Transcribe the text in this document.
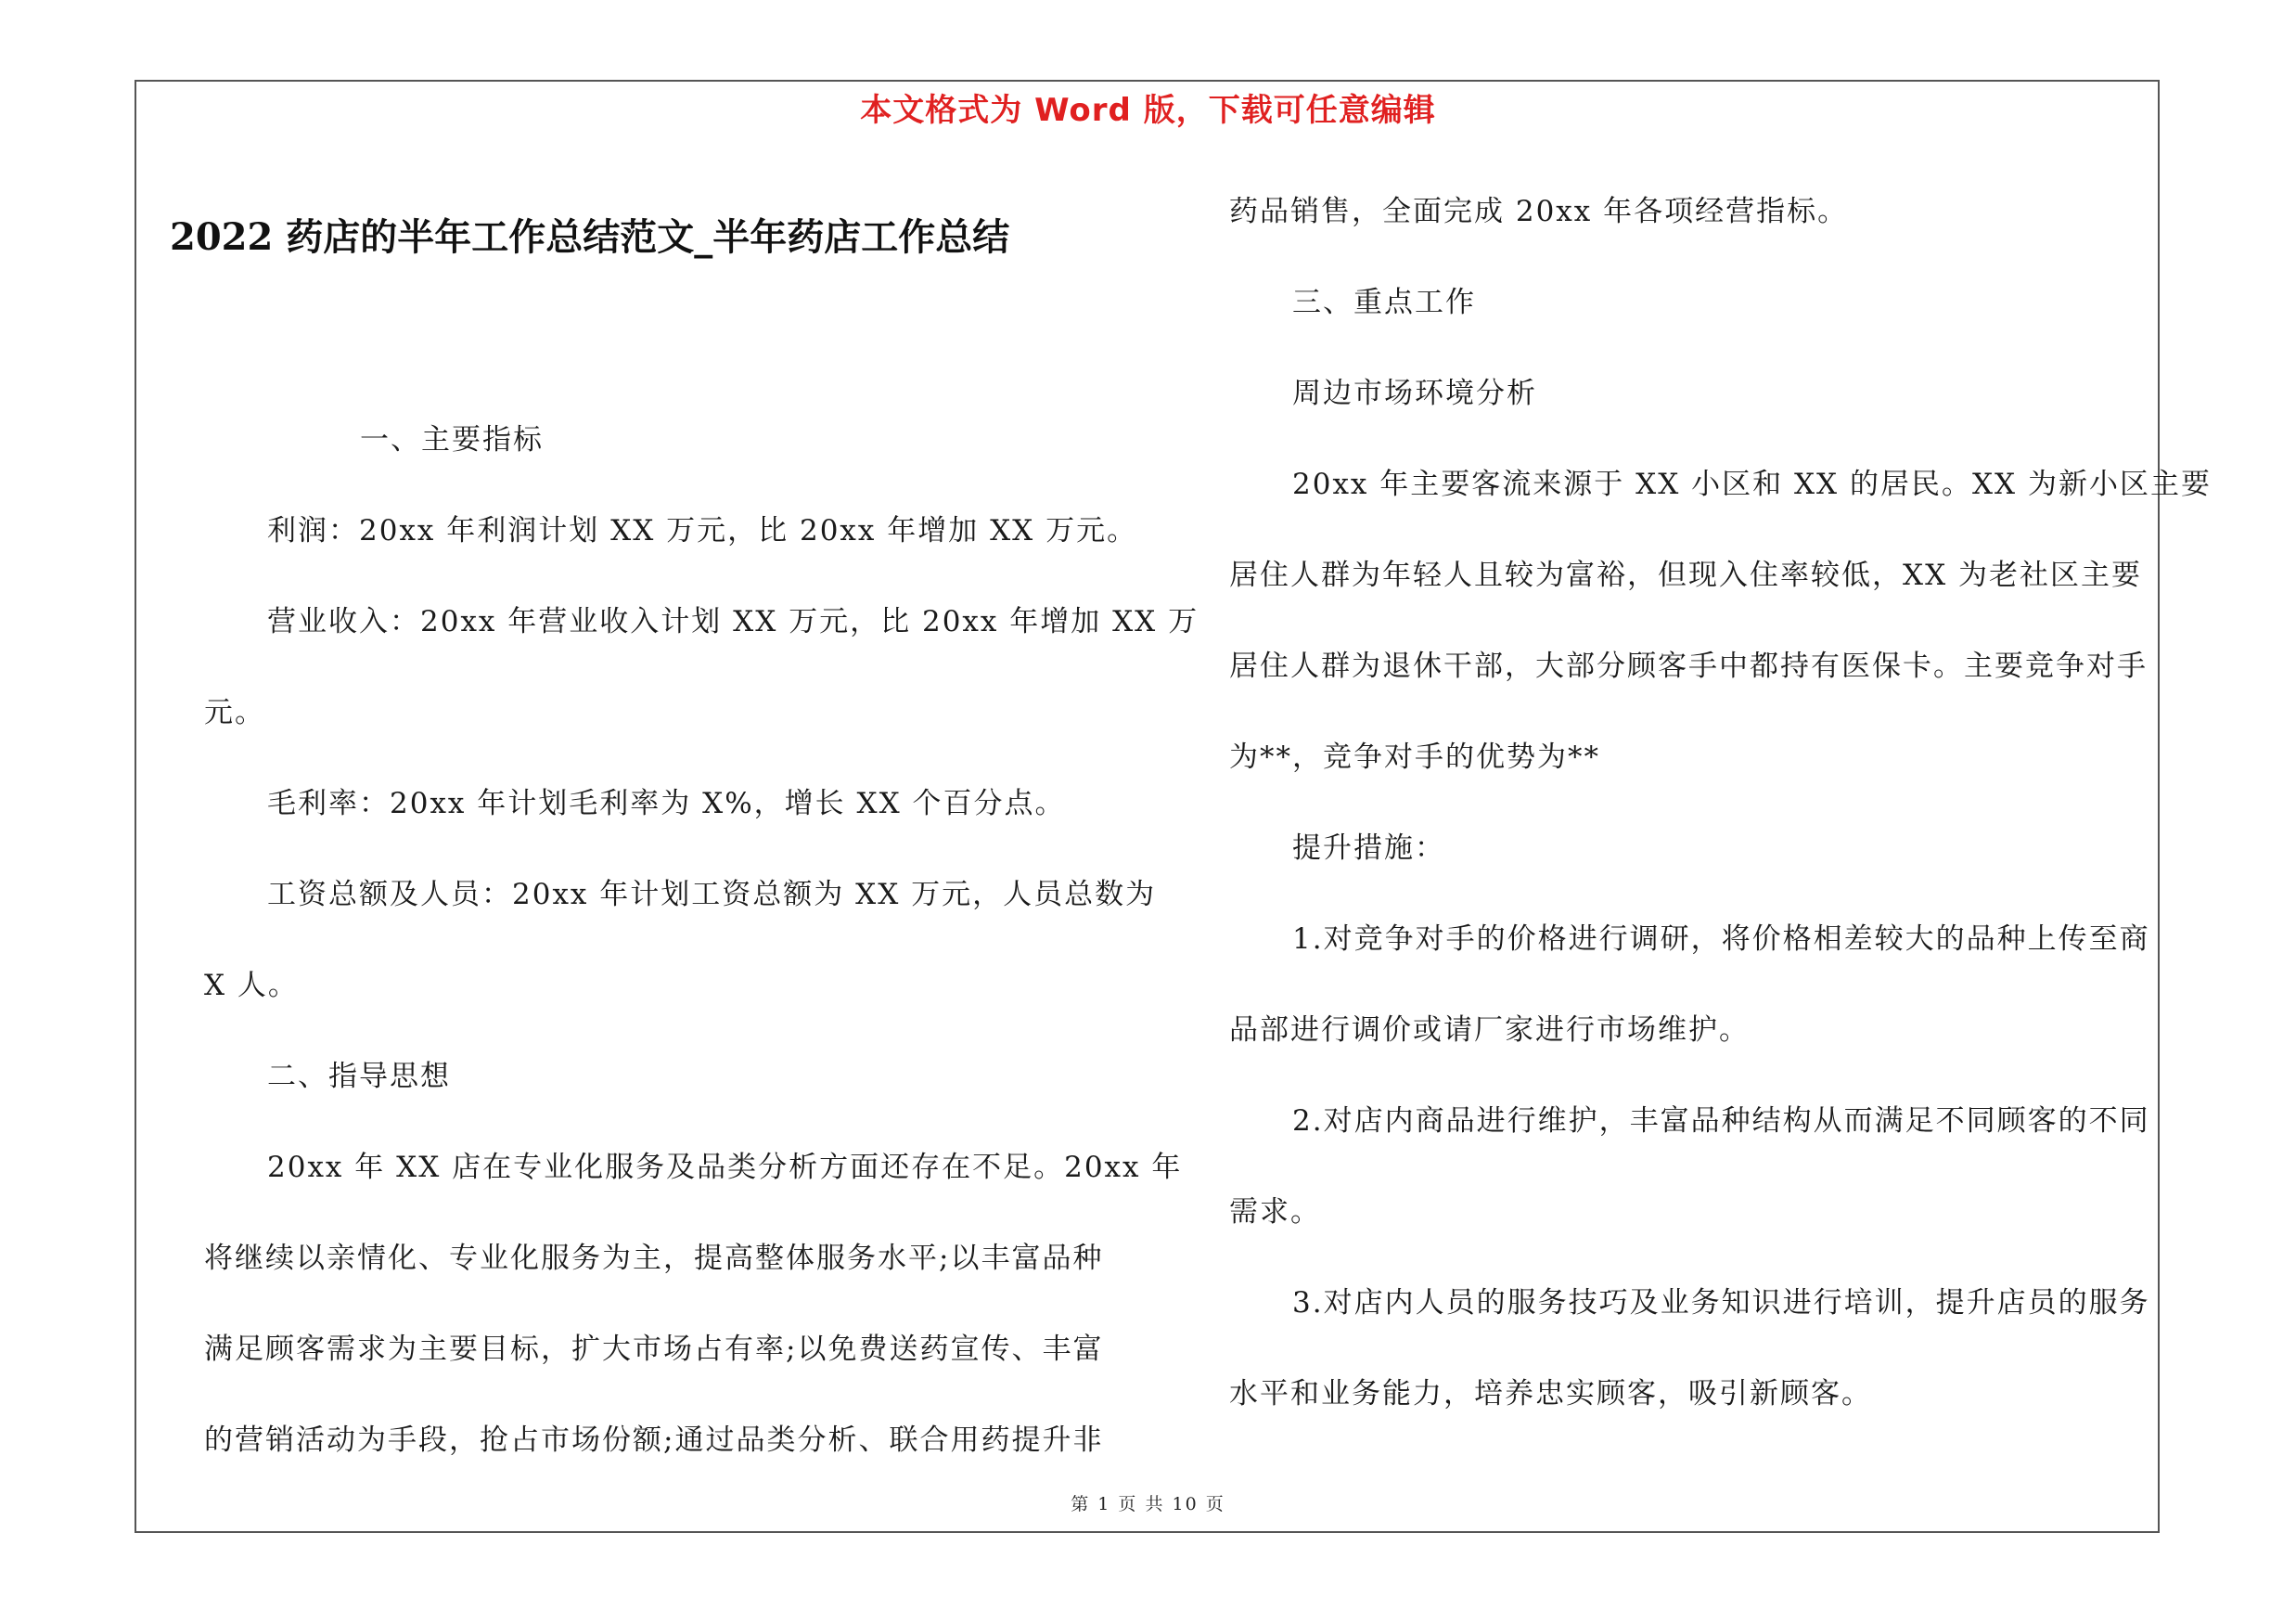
本文格式为 Word 版，下载可任意编辑
2022 药店的半年工作总结范文_半年药店工作总结
一、主要指标
利润：20xx 年利润计划 XX 万元，比 20xx 年增加 XX 万元。
营业收入：20xx 年营业收入计划 XX 万元，比 20xx 年增加 XX 万
元。
毛利率：20xx 年计划毛利率为 X%，增长 XX 个百分点。
工资总额及人员：20xx 年计划工资总额为 XX 万元，人员总数为
X 人。
二、指导思想
20xx 年 XX 店在专业化服务及品类分析方面还存在不足。20xx 年
将继续以亲情化、专业化服务为主，提高整体服务水平;以丰富品种
满足顾客需求为主要目标，扩大市场占有率;以免费送药宣传、丰富
的营销活动为手段，抢占市场份额;通过品类分析、联合用药提升非
药品销售，全面完成 20xx 年各项经营指标。
三、重点工作
周边市场环境分析
20xx 年主要客流来源于 XX 小区和 XX 的居民。XX 为新小区主要
居住人群为年轻人且较为富裕，但现入住率较低，XX 为老社区主要
居住人群为退休干部，大部分顾客手中都持有医保卡。主要竞争对手
为**，竞争对手的优势为**
提升措施：
1.对竞争对手的价格进行调研，将价格相差较大的品种上传至商
品部进行调价或请厂家进行市场维护。
2.对店内商品进行维护，丰富品种结构从而满足不同顾客的不同
需求。
3.对店内人员的服务技巧及业务知识进行培训，提升店员的服务
水平和业务能力，培养忠实顾客，吸引新顾客。
第 1 页 共 10 页
